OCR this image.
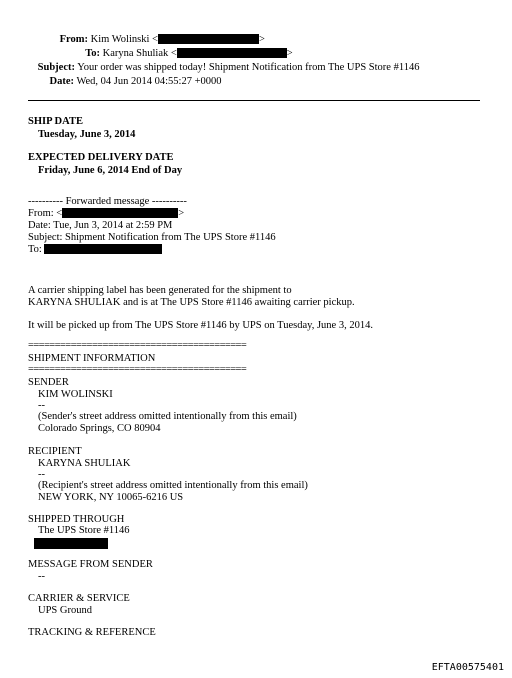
From: Kim Wolinski <	>
To: Karyna Shuliak <	>
Subject: Your order was shipped today! Shipment Notification from The UPS Store #1146
Date: Wed, 04 Jun 2014 04:55:27 +0000
SHIP DATE
Tuesday, June 3, 2014
EXPECTED DELIVERY DATE
Friday, June 6, 2014 End of Day
---------- Forwarded message ----------
From: <	>
Date: Tue, Jun 3, 2014 at 2:59 PM
Subject: Shipment Notification from The UPS Store #1146
To:
A carrier shipping label has been generated for the shipment to
KARYNA SHULIAK and is at The UPS Store #1146 awaiting carrier pickup.
It will be picked up from The UPS Store #1146 by UPS on Tuesday, June 3, 2014.
=========================================
SHIPMENT INFORMATION
=========================================
SENDER
KIM WOLINSKI
--
(Sender's street address omitted intentionally from this email)
Colorado Springs, CO 80904
RECIPIENT
KARYNA SHULIAK
--
(Recipient's street address omitted intentionally from this email)
NEW YORK, NY 10065-6216 US
SHIPPED THROUGH
The UPS Store #1146
MESSAGE FROM SENDER
--
CARRIER & SERVICE
UPS Ground
TRACKING & REFERENCE
EFTA00575401
